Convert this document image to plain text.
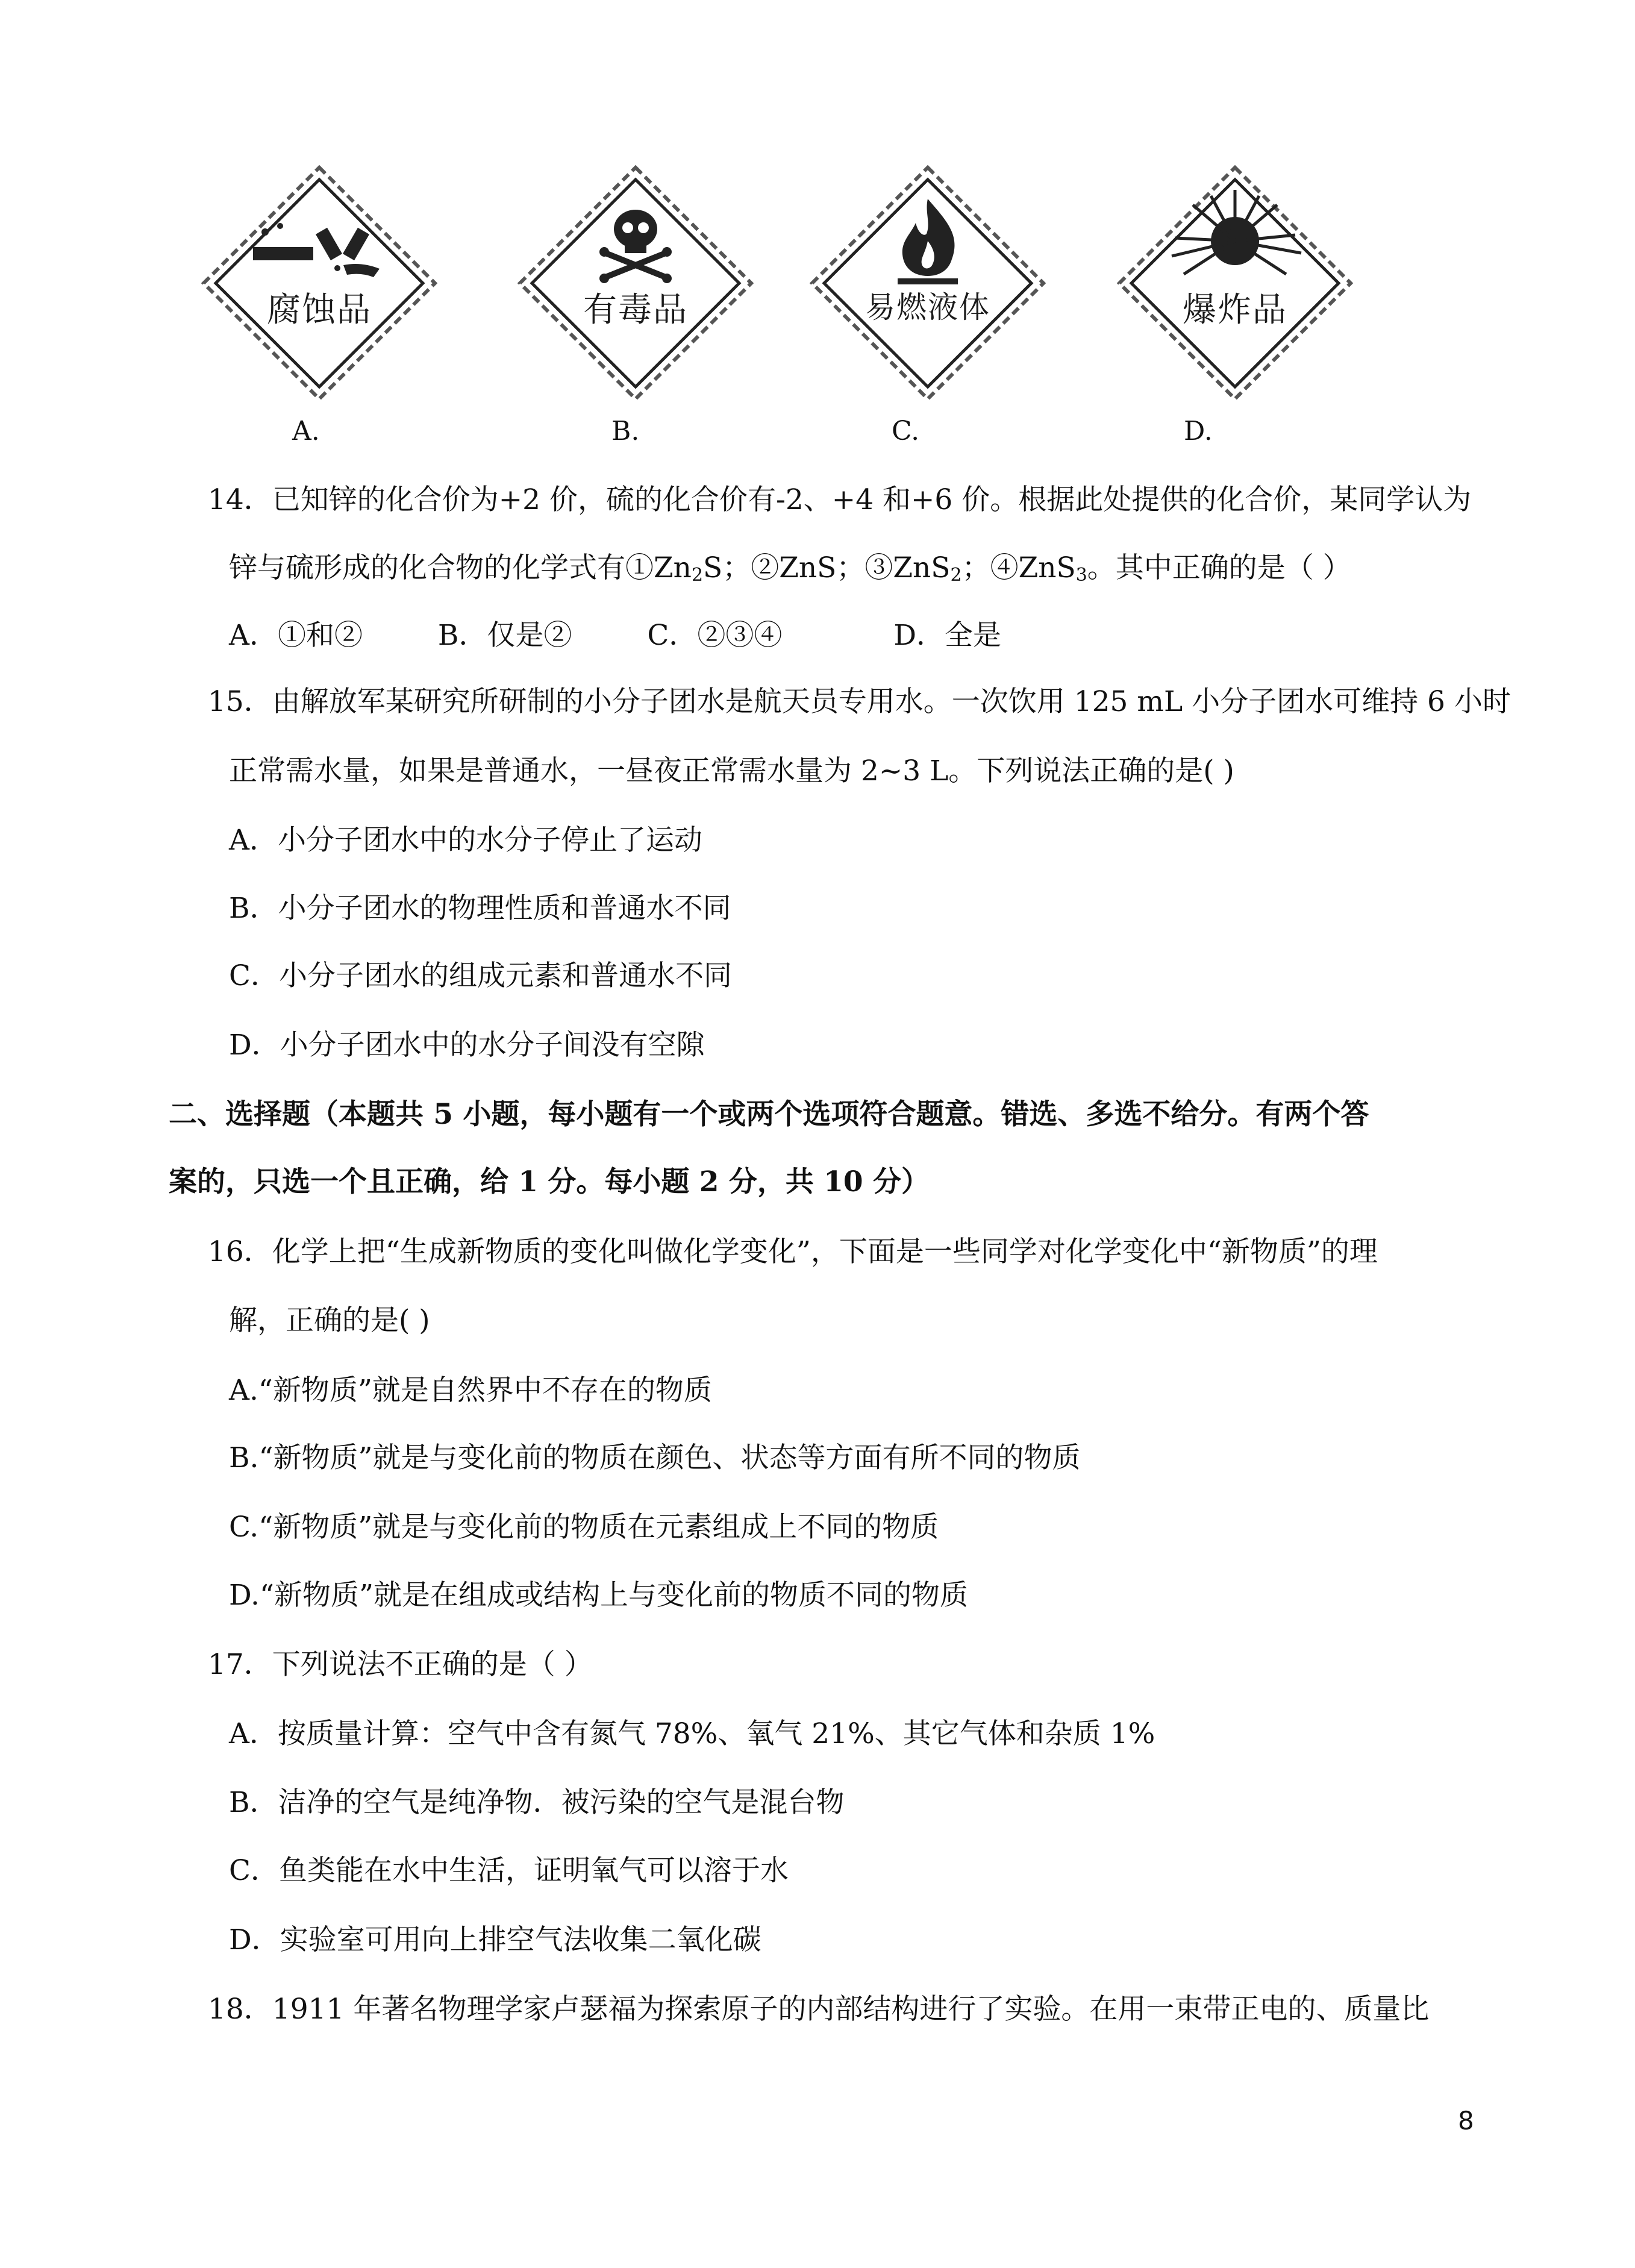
腐蚀品	有毒品	易燃液体	爆炸品
A.	B.	C.	D.
14．已知锌的化合价为+2 价，硫的化合价有-2、+4 和+6 价。根据此处提供的化合价，某同学认为
锌与硫形成的化合物的化学式有$①Zn_2S$；②ZnS；③ZnS$_2$；④ZnS$_3$。其中正确的是（ ）
A．①和②	B．仅是②	C．②③④	D．全是
15．由解放军某研究所研制的小分子团水是航天员专用水。一次饮用 125 mL 小分子团水可维持 6 小时
正常需水量，如果是普通水，一昼夜正常需水量为 2~3 L。下列说法正确的是( )
A．小分子团水中的水分子停止了运动
B．小分子团水的物理性质和普通水不同
C．小分子团水的组成元素和普通水不同
D．小分子团水中的水分子间没有空隙
二、选择题（本题共 5 小题，每小题有一个或两个选项符合题意。错选、多选不给分。有两个答
案的，只选一个且正确，给 1 分。每小题 2 分，共 10 分）
16．化学上把“生成新物质的变化叫做化学变化”，下面是一些同学对化学变化中“新物质”的理
解，正确的是( )
A.“新物质”就是自然界中不存在的物质
B.“新物质”就是与变化前的物质在颜色、状态等方面有所不同的物质
C.“新物质”就是与变化前的物质在元素组成上不同的物质
D.“新物质”就是在组成或结构上与变化前的物质不同的物质
17．下列说法不正确的是（ ）
A．按质量计算：空气中含有氮气 78%、氧气 21%、其它气体和杂质 1%
B．洁净的空气是纯净物．被污染的空气是混台物
C．鱼类能在水中生活，证明氧气可以溶于水
D．实验室可用向上排空气法收集二氧化碳
18．1911 年著名物理学家卢瑟福为探索原子的内部结构进行了实验。在用一束带正电的、质量比
8
